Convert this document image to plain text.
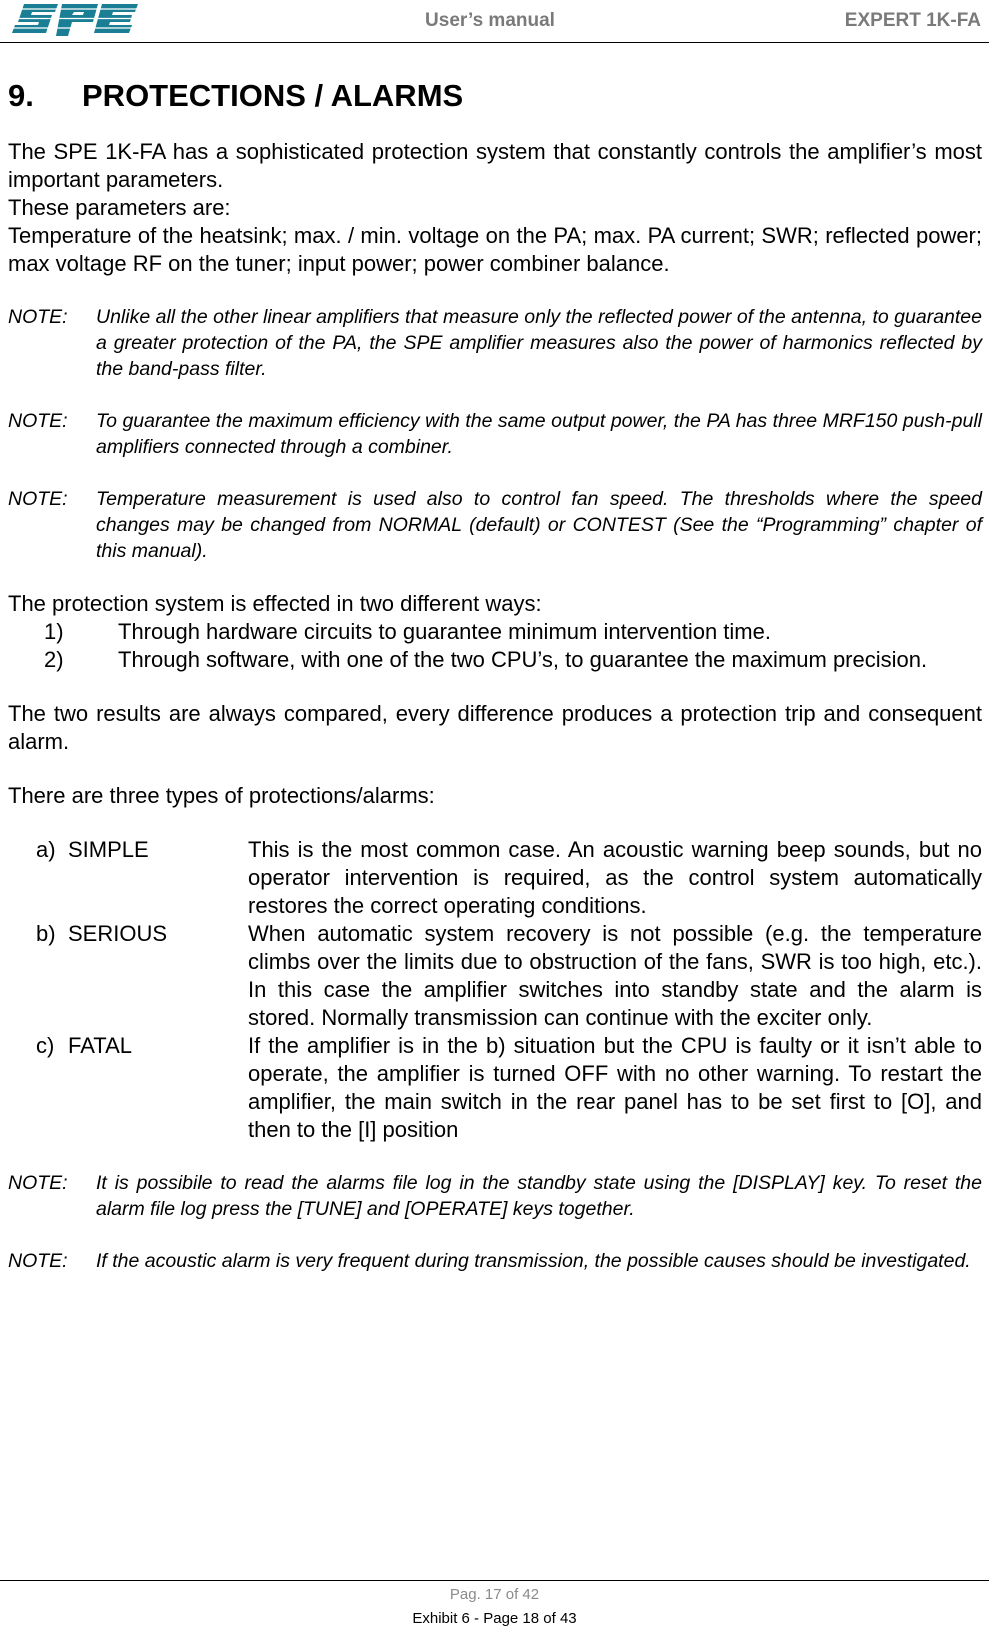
User’s manual	EXPERT 1K-FA
9.	PROTECTIONS / ALARMS

The SPE 1K-FA has a sophisticated protection system that constantly controls the amplifier’s most important parameters.

These parameters are:

Temperature of the heatsink; max. / min. voltage on the PA; max. PA current; SWR; reflected power; max voltage RF on the tuner; input power; power combiner balance.

NOTE:	Unlike all the other linear amplifiers that measure only the reflected power of the antenna, to guarantee a greater protection of the PA, the SPE amplifier measures also the power of harmonics reflected by the band-pass filter.
NOTE:	To guarantee the maximum efficiency with the same output power, the PA has three MRF150 push-pull amplifiers connected through a combiner.
NOTE:	Temperature measurement is used also to control fan speed. The thresholds where the speed changes may be changed from NORMAL (default) or CONTEST (See the “Programming” chapter of this manual).

The protection system is effected in two different ways:

1)	Through hardware circuits to guarantee minimum intervention time.
2)	Through software, with one of the two CPU’s, to guarantee the maximum precision.

The two results are always compared, every difference produces a protection trip and consequent alarm.

There are three types of protections/alarms:

a) SIMPLE	This is the most common case. An acoustic warning beep sounds, but no operator intervention is required, as the control system automatically restores the correct operating conditions.
b) SERIOUS	When automatic system recovery is not possible (e.g. the temperature climbs over the limits due to obstruction of the fans, SWR is too high, etc.). In this case the amplifier switches into standby state and the alarm is stored. Normally transmission can continue with the exciter only.
c) FATAL	If the amplifier is in the b) situation but the CPU is faulty or it isn’t able to operate, the amplifier is turned OFF with no other warning. To restart the amplifier, the main switch in the rear panel has to be set first to [O], and then to the [I] position
NOTE:	It is possibile to read the alarms file log in the standby state using the [DISPLAY] key. To reset the alarm file log press the [TUNE] and [OPERATE] keys together.
NOTE:	If the acoustic alarm is very frequent during transmission, the possible causes should be investigated.
Pag. 17 of 42
Exhibit 6 - Page 18 of 43
